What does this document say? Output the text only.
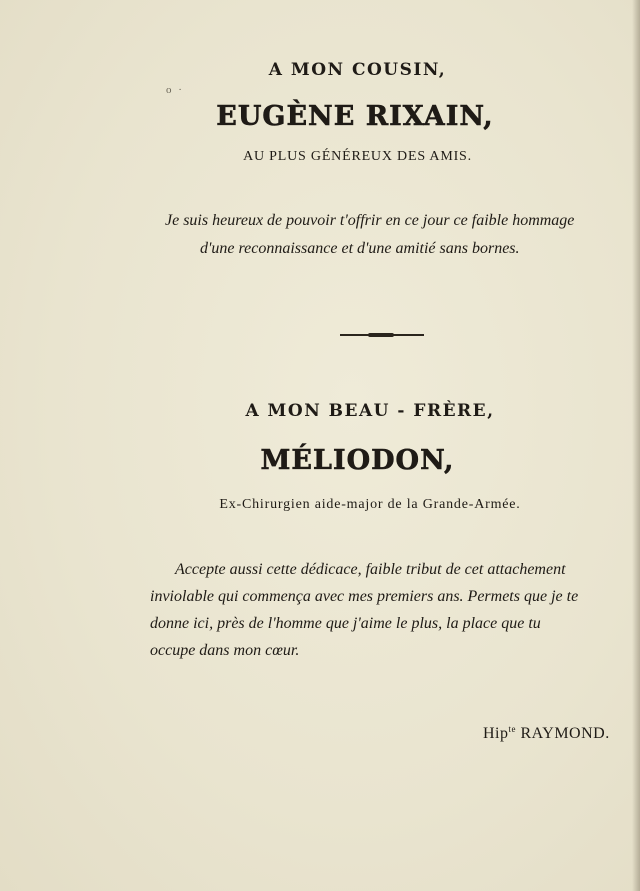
o ·
A MON COUSIN,
EUGÈNE RIXAIN,
AU PLUS GÉNÉREUX DES AMIS.
Je suis heureux de pouvoir t'offrir en ce jour ce faible hommage
d'une reconnaissance et d'une amitié sans bornes.
A MON BEAU - FRÈRE,
MÉLIODON,
Ex-Chirurgien aide-major de la Grande-Armée.
Accepte aussi cette dédicace, faible tribut de cet attachement
inviolable qui commença avec mes premiers ans. Permets que je te
donne ici, près de l'homme que j'aime le plus, la place que tu
occupe dans mon cœur.
Hip$^{te}$ RAYMOND.
